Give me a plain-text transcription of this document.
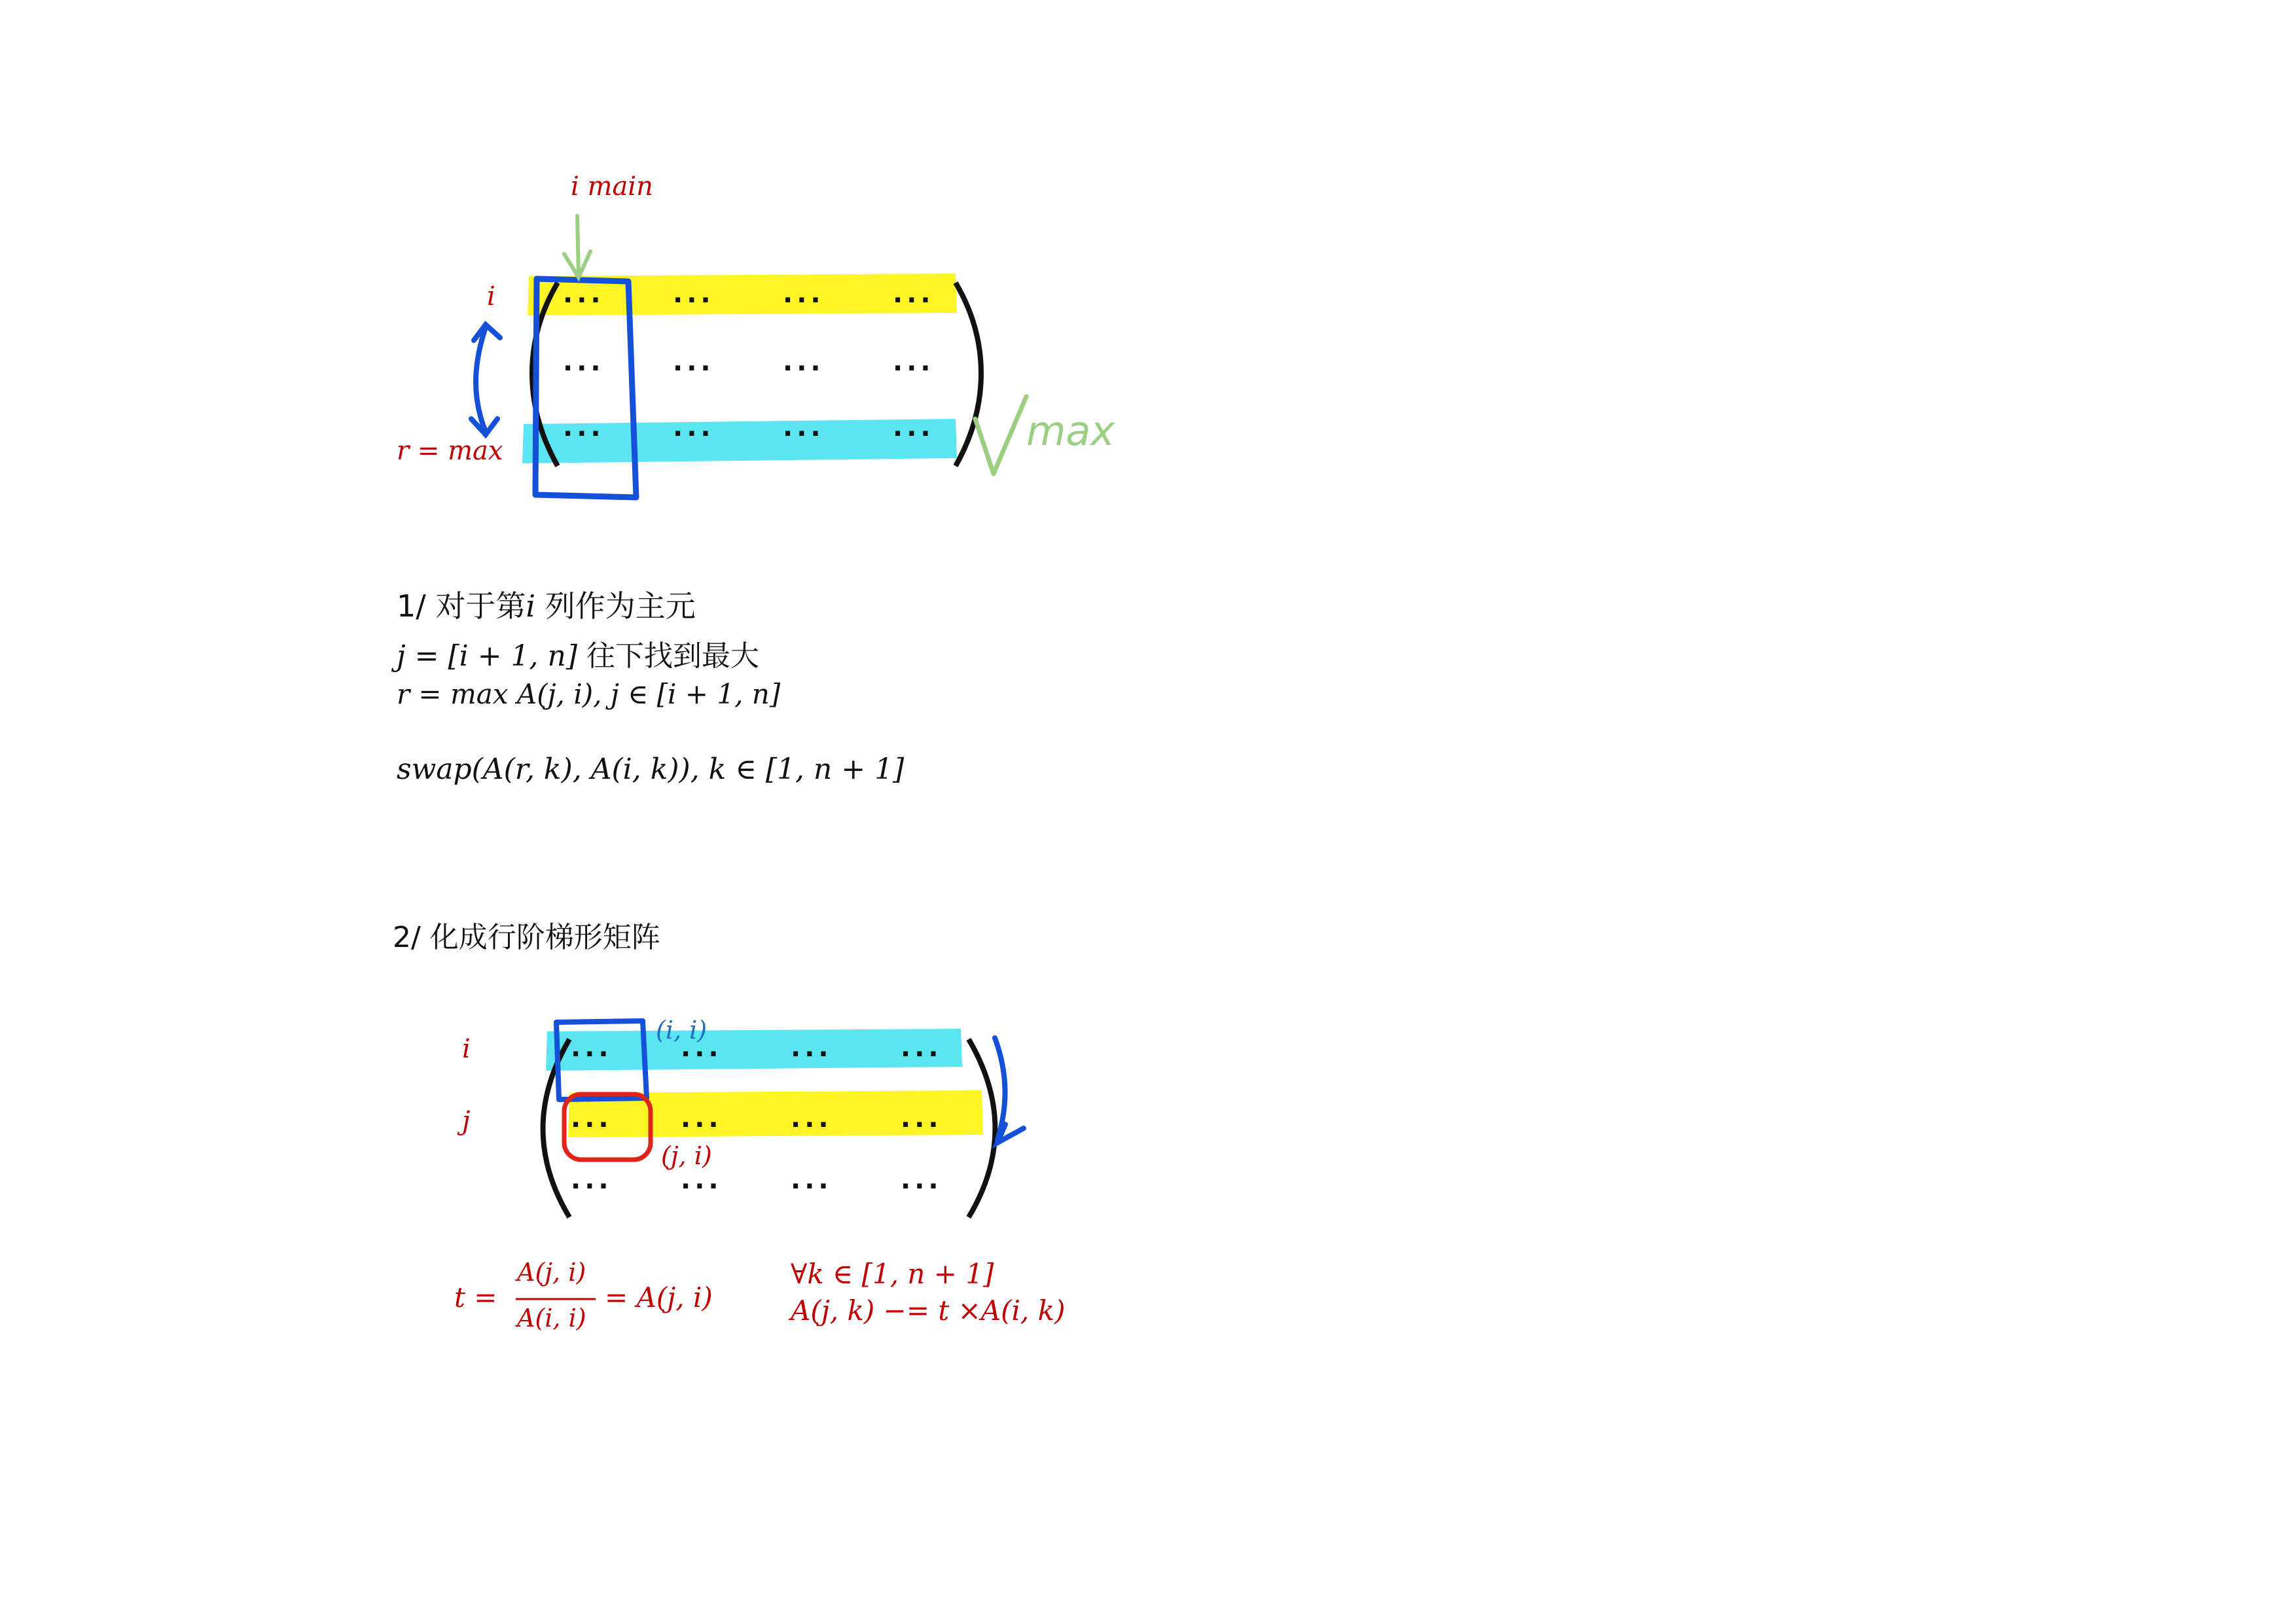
i main
i
r = max	max
···	···	···	···
···	···	···	···
···	···	···	···
1/ 对于第i 列作为主元
j = [i + 1, n] 往下找到最大
r = max A(j, i), j ∈ [i + 1, n]
swap(A(r, k), A(i, k)), k ∈ [1, n + 1]
2/ 化成行阶梯形矩阵
i
j
(i, i)
(j, i)
···	···	···	···
···	···	···	···
···	···	···	···
t =
A(j, i)
A(i, i)
= A(j, i)
∀k ∈ [1, n + 1]
A(j, k) −= t ×A(i, k)
